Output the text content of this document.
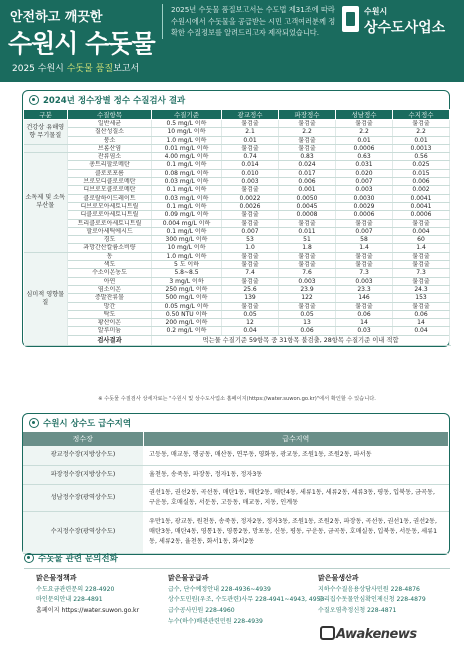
안전하고 깨끗한
수원시 수돗물
2025 수원시 수돗물 품질보고서
2025년 수돗물 품질보고서는 수도법 제31조에 따라 수원시에서 수돗물을 공급받는 시민 고객여러분께 정확한 수질정보를 알려드리고자 제작되었습니다.
수원시
상수도사업소
2024년 정수장별 정수 수질검사 결과
구분	수질항목	수질기준	광교정수	파장정수	성남정수	수지정수
건강상 유해영향 무기물질	일반세균	0.5 mg/L 이하	불검출	불검출	불검출	불검출
	질산성질소	10 mg/L 이하	2.1	2.2	2.2	2.2
	붕소	1.0 mg/L 이하	0.01	불검출	0.01	0.01
	브롬산염	0.01 mg/L 이하	불검출	불검출	0.0006	0.0013
소독제 및 소독부산물	잔류염소	4.00 mg/L 이하	0.74	0.83	0.63	0.56
	총트리할로메탄	0.1 mg/L 이하	0.014	0.024	0.031	0.025
	클로로포름	0.08 mg/L 이하	0.010	0.017	0.020	0.015
	브로모디클로로메탄	0.03 mg/L 이하	0.003	0.006	0.007	0.006
	디브로모클로로메탄	0.1 mg/L 이하	불검출	0.001	0.003	0.002
	클로랄하이드레이트	0.03 mg/L 이하	0.0022	0.0050	0.0030	0.0041
	디브로모아세토니트릴	0.1 mg/L 이하	0.0026	0.0045	0.0029	0.0041
	디클로로아세토니트릴	0.09 mg/L 이하	불검출	0.0008	0.0006	0.0006
	트리클로로아세토니트릴	0.004 mg/L 이하	불검출	불검출	불검출	불검출
	할로아세틱에시드	0.1 mg/L 이하	0.007	0.011	0.007	0.004
	경도	300 mg/L 이하	53	51	58	60
	과망간산칼륨소비량	10 mg/L 이하	1.0	1.8	1.4	1.4
심미적 영향물질	동	1.0 mg/L 이하	불검출	불검출	불검출	불검출
	색도	5 도 이하	불검출	불검출	불검출	불검출
	수소이온농도	5.8~8.5	7.4	7.6	7.3	7.3
	아연	3 mg/L 이하	불검출	0.003	0.003	불검출
	염소이온	250 mg/L 이하	25.6	23.9	23.3	24.3
	증발잔류물	500 mg/L 이하	139	122	146	153
	망간	0.05 mg/L 이하	불검출	불검출	불검출	불검출
	탁도	0.50 NTU 이하	0.05	0.05	0.06	0.06
	황산이온	200 mg/L 이하	12	13	14	14
	알루미늄	0.2 mg/L 이하	0.04	0.06	0.03	0.04
	검사결과	먹는물 수질기준 59항목 중 31항목 불검출, 28항목 수질기준 이내 적합				
※ 수돗물 수질검사 상세자료는 "수원시 및 상수도사업소 홈페이지(https://water.suwon.go.kr)"에서 확인할 수 있습니다.
수원시 상수도 급수지역
정수장	급수지역
광교정수장(지방상수도)	고등동, 매교동, 행궁동, 매산동, 연무동, 영화동, 광교동, 조원1동, 조원2동, 파서동
파장정수장(지방상수도)	율천동, 송죽동, 파장동, 정자1동, 정자3동
성남정수장(광역상수도)	권선1동, 권선2동, 곡선동, 매탄1동, 매탄2동, 매탄4동, 세류1동, 세류2동, 세류3동, 평동, 입북동, 금곡동, 구운동, 호매실동, 서둔동, 고등동, 매교동, 지동, 인계동
수지정수장(광역상수도)	우만1동, 광교동, 원천동, 송죽동, 정자2동, 정자3동, 조원1동, 조원2동, 파장동, 곡선동, 권선1동, 권선2동, 매탄3동, 매탄4동, 영통1동, 영통2동, 망포동, 신동, 평동, 구운동, 금곡동, 호매실동, 입북동, 서둔동, 세류1동, 세류2동, 율천동, 화서1동, 화서2동
수돗물 관련 문의전화
맑은물정책과
수도요금관련문의 228-4920
마인문의안내 228-4891
홈페이지 https://water.suwon.go.kr
맑은물공급과
급수, 단수예정안내 228-4936~4939
상수도민원(우조, 수도관련)사무 228-4941~4943, 4953
급수공사민원 228-4960
누수(하수)배관관련민원 228-4939
맑은물생산과
지하수수질음용상담사민원 228-4876
우리집수돗물안심확인제신청 228-4879
수질오염측정신청 228-4871
Awakenews
